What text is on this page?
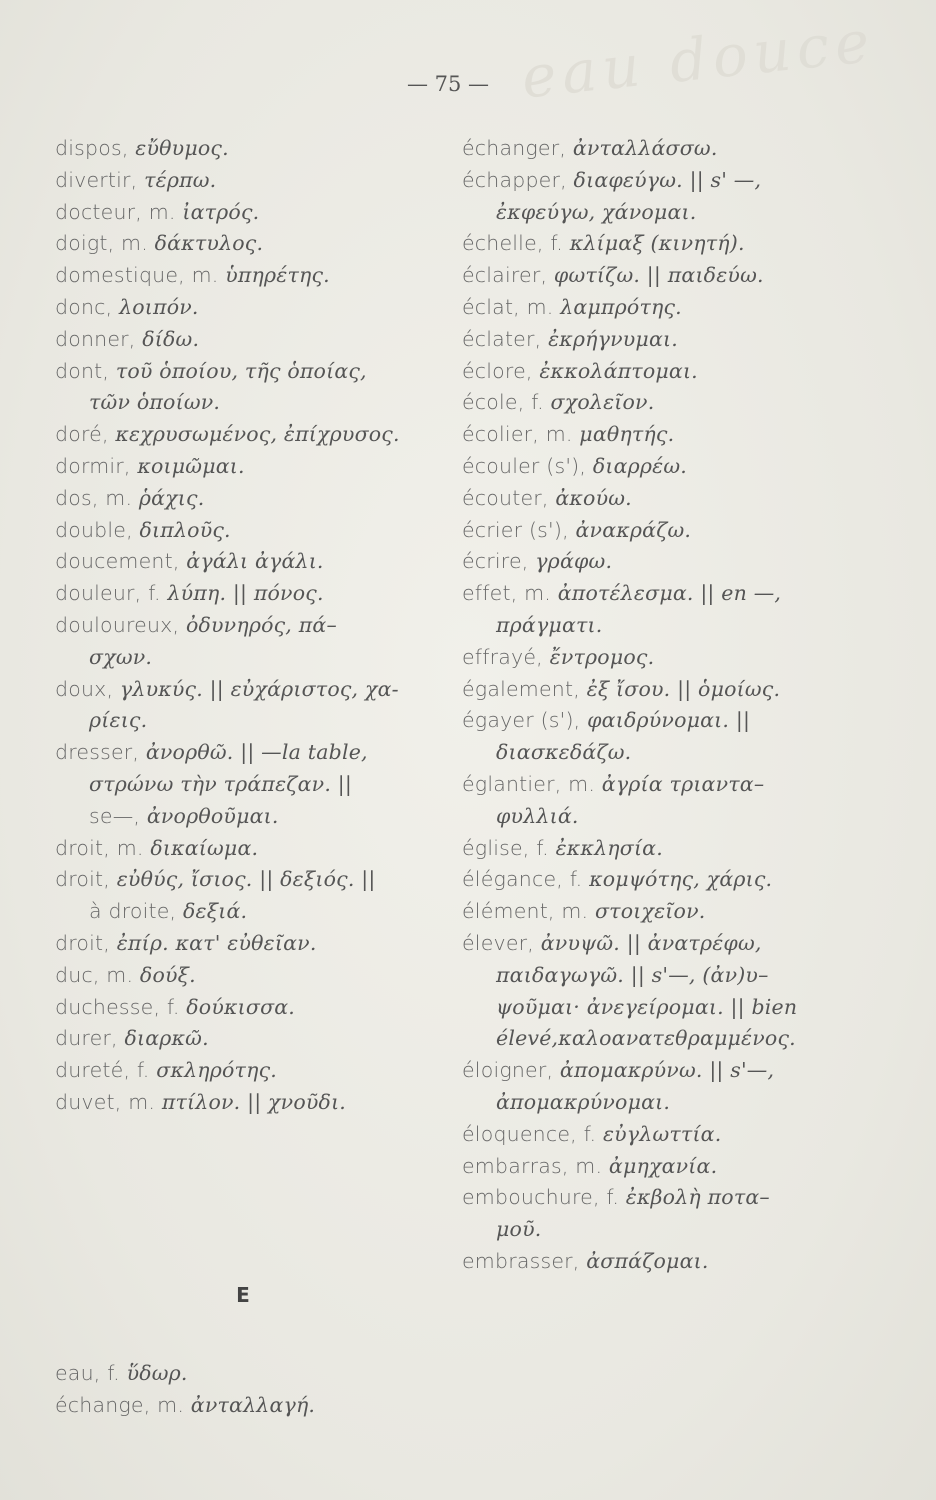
eau douce
— 75 —
dispos, εὔθυμος.
divertir, τέρπω.
docteur, m. ἰατρός.
doigt, m. δάκτυλος.
domestique, m. ὑπηρέτης.
donc, λοιπόν.
donner, δίδω.
dont, τοῦ ὁποίου, τῆς ὁποίας,
τῶν ὁποίων.
doré, κεχρυσωμένος, ἐπίχρυσος.
dormir, κοιμῶμαι.
dos, m. ῥάχις.
double, διπλοῦς.
doucement, ἀγάλι ἀγάλι.
douleur, f. λύπη. || πόνος.
douloureux, ὀδυνηρός, πά–
σχων.
doux, γλυκύς. || εὐχάριστος, χα-
ρίεις.
dresser, ἀνορθῶ. || —la table,
στρώνω τὴν τράπεζαν. ||
se—, ἀνορθοῦμαι.
droit, m. δικαίωμα.
droit, εὐθύς, ἴσιος. || δεξιός. ||
à droite, δεξιά.
droit, ἐπίρ. κατ' εὐθεῖαν.
duc, m. δούξ.
duchesse, f. δούκισσα.
durer, διαρκῶ.
dureté, f. σκληρότης.
duvet, m. πτίλον. || χνοῦδι.
E
eau, f. ὕδωρ.
échange, m. ἀνταλλαγή.
échanger, ἀνταλλάσσω.
échapper, διαφεύγω. || s' —,
ἐκφεύγω, χάνομαι.
échelle, f. κλίμαξ (κινητή).
éclairer, φωτίζω. || παιδεύω.
éclat, m. λαμπρότης.
éclater, ἐκρήγνυμαι.
éclore, ἐκκολάπτομαι.
école, f. σχολεῖον.
écolier, m. μαθητής.
écouler (s'), διαρρέω.
écouter, ἀκούω.
écrier (s'), ἀνακράζω.
écrire, γράφω.
effet, m. ἀποτέλεσμα. || en —,
πράγματι.
effrayé, ἔντρομος.
également, ἐξ ἴσου. || ὁμοίως.
égayer (s'), φαιδρύνομαι. ||
διασκεδάζω.
églantier, m. ἀγρία τριαντα–
φυλλιά.
église, f. ἐκκλησία.
élégance, f. κομψότης, χάρις.
élément, m. στοιχεῖον.
élever, ἀνυψῶ. || ἀνατρέφω,
παιδαγωγῶ. || s'—, (ἀν)υ–
ψοῦμαι· ἀνεγείρομαι. || bien
élevé,καλοανατεθραμμένος.
éloigner, ἀπομακρύνω. || s'—,
ἀπομακρύνομαι.
éloquence, f. εὐγλωττία.
embarras, m. ἀμηχανία.
embouchure, f. ἐκβολὴ ποτα–
μοῦ.
embrasser, ἀσπάζομαι.
